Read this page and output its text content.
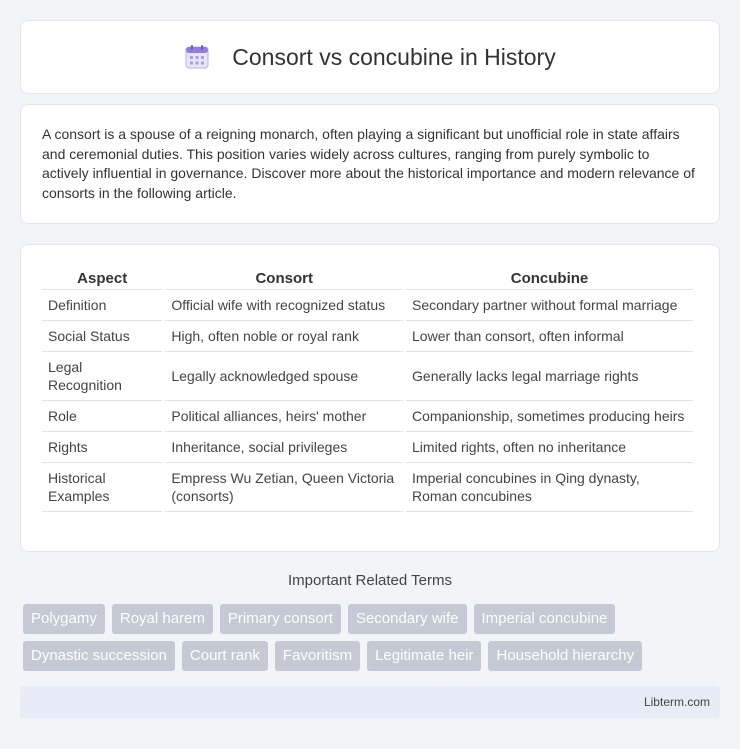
Consort vs concubine in History

A consort is a spouse of a reigning monarch, often playing a significant but unofficial role in state affairs and ceremonial duties. This position varies widely across cultures, ranging from purely symbolic to actively influential in governance. Discover more about the historical importance and modern relevance of consorts in the following article.

Aspect	Consort	Concubine
Definition	Official wife with recognized status	Secondary partner without formal marriage
Social Status	High, often noble or royal rank	Lower than consort, often informal
Legal Recognition	Legally acknowledged spouse	Generally lacks legal marriage rights
Role	Political alliances, heirs' mother	Companionship, sometimes producing heirs
Rights	Inheritance, social privileges	Limited rights, often no inheritance
Historical Examples	Empress Wu Zetian, Queen Victoria (consorts)	Imperial concubines in Qing dynasty, Roman concubines
Important Related Terms
Polygamy	Royal harem	Primary consort	Secondary wife	Imperial concubine
Dynastic succession	Court rank	Favoritism	Legitimate heir	Household hierarchy
Libterm.com
